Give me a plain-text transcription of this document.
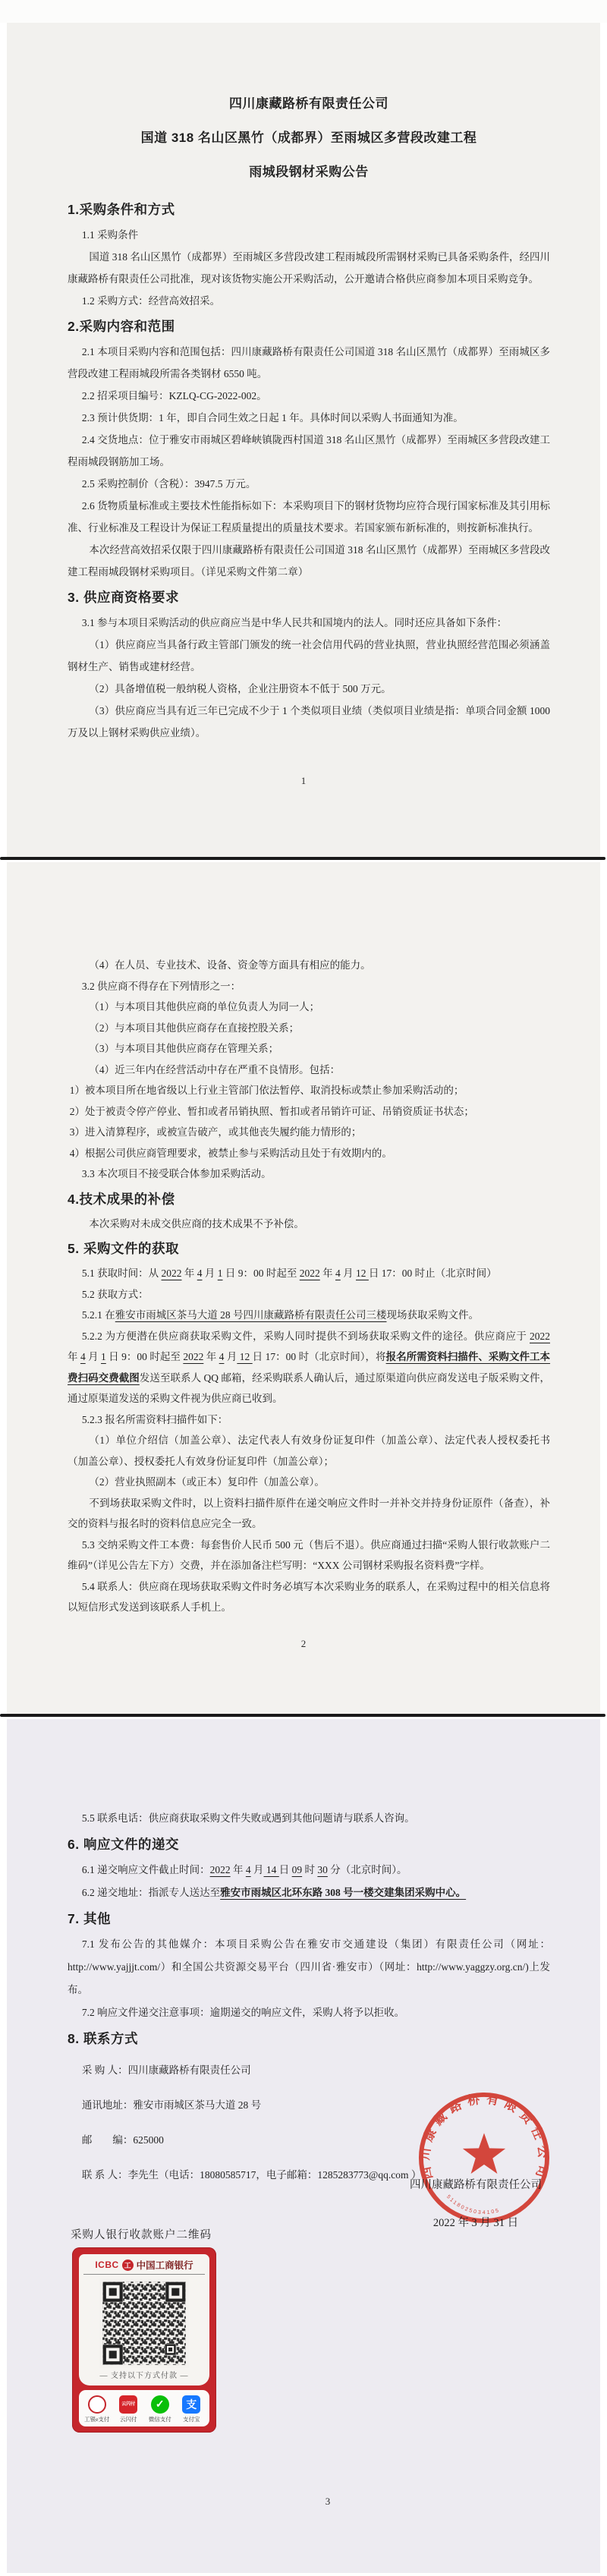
四川康藏路桥有限责任公司
国道 318 名山区黑竹（成都界）至雨城区多营段改建工程
雨城段钢材采购公告
1.采购条件和方式

1.1 采购条件

国道 318 名山区黑竹（成都界）至雨城区多营段改建工程雨城段所需钢材采购已具备采购条件，经四川康藏路桥有限责任公司批准，现对该货物实施公开采购活动，公开邀请合格供应商参加本项目采购竞争。

1.2 采购方式：经营高效招采。

2.采购内容和范围

2.1 本项目采购内容和范围包括：四川康藏路桥有限责任公司国道 318 名山区黑竹（成都界）至雨城区多营段改建工程雨城段所需各类钢材 6550 吨。

2.2 招采项目编号：KZLQ-CG-2022-002。

2.3 预计供货期：1 年，即自合同生效之日起 1 年。具体时间以采购人书面通知为准。

2.4 交货地点：位于雅安市雨城区碧峰峡镇陇西村国道 318 名山区黑竹（成都界）至雨城区多营段改建工程雨城段钢筋加工场。

2.5 采购控制价（含税）：3947.5 万元。

2.6 货物质量标准或主要技术性能指标如下：本采购项目下的钢材货物均应符合现行国家标准及其引用标准、行业标准及工程设计为保证工程质量提出的质量技术要求。若国家颁布新标准的，则按新标准执行。

本次经营高效招采仅限于四川康藏路桥有限责任公司国道 318 名山区黑竹（成都界）至雨城区多营段改建工程雨城段钢材采购项目。（详见采购文件第二章）

3. 供应商资格要求

3.1 参与本项目采购活动的供应商应当是中华人民共和国境内的法人。同时还应具备如下条件：

（1）供应商应当具备行政主管部门颁发的统一社会信用代码的营业执照，营业执照经营范围必须涵盖钢材生产、销售或建材经营。

（2）具备增值税一般纳税人资格，企业注册资本不低于 500 万元。

（3）供应商应当具有近三年已完成不少于 1 个类似项目业绩（类似项目业绩是指：单项合同金额 1000 万及以上钢材采购供应业绩）。

1

（4）在人员、专业技术、设备、资金等方面具有相应的能力。

3.2 供应商不得存在下列情形之一：

（1）与本项目其他供应商的单位负责人为同一人；

（2）与本项目其他供应商存在直接控股关系；

（3）与本项目其他供应商存在管理关系；

（4）近三年内在经营活动中存在严重不良情形。包括：

1）被本项目所在地省级以上行业主管部门依法暂停、取消投标或禁止参加采购活动的；

2）处于被责令停产停业、暂扣或者吊销执照、暂扣或者吊销许可证、吊销资质证书状态；

3）进入清算程序，或被宣告破产，或其他丧失履约能力情形的；

4）根据公司供应商管理要求，被禁止参与采购活动且处于有效期内的。

3.3 本次项目不接受联合体参加采购活动。

4.技术成果的补偿

本次采购对未成交供应商的技术成果不予补偿。

5. 采购文件的获取

5.1 获取时间：从 2022 年 4 月 1 日 9：00 时起至 2022 年 4 月 12 日 17：00 时止（北京时间）

5.2 获取方式：

5.2.1 在雅安市雨城区茶马大道 28 号四川康藏路桥有限责任公司三楼现场获取采购文件。

5.2.2 为方便潜在供应商获取采购文件，采购人同时提供不到场获取采购文件的途径。供应商应于 2022 年 4 月 1 日 9：00 时起至 2022 年 4 月 12 日 17：00 时（北京时间），将报名所需资料扫描件、采购文件工本费扫码交费截图发送至联系人 QQ 邮箱，经采购联系人确认后，通过原渠道向供应商发送电子版采购文件，通过原渠道发送的采购文件视为供应商已收到。

5.2.3 报名所需资料扫描件如下：

（1）单位介绍信（加盖公章）、法定代表人有效身份证复印件（加盖公章）、法定代表人授权委托书（加盖公章）、授权委托人有效身份证复印件（加盖公章）；

（2）营业执照副本（或正本）复印件（加盖公章）。

不到场获取采购文件时，以上资料扫描件原件在递交响应文件时一并补交并持身份证原件（备查），补交的资料与报名时的资料信息应完全一致。

5.3 交纳采购文件工本费：每套售价人民币 500 元（售后不退）。供应商通过扫描“采购人银行收款账户二维码”（详见公告左下方）交费，并在添加备注栏写明：“XXX 公司钢材采购报名资料费”字样。

5.4 联系人：供应商在现场获取采购文件时务必填写本次采购业务的联系人，在采购过程中的相关信息将以短信形式发送到该联系人手机上。

2

5.5 联系电话：供应商获取采购文件失败或遇到其他问题请与联系人咨询。

6. 响应文件的递交

6.1 递交响应文件截止时间：2022 年 4 月 14 日 09 时 30 分（北京时间）。

6.2 递交地址：指派专人送达至雅安市雨城区北环东路 308 号一楼交建集团采购中心。

7. 其他

7.1 发布公告的其他媒介：本项目采购公告在雅安市交通建设（集团）有限责任公司（网址：http://www.yajjjt.com/）和全国公共资源交易平台（四川省·雅安市）（网址：http://www.yaggzy.org.cn/)上发布。

7.2 响应文件递交注意事项：逾期递交的响应文件，采购人将予以拒收。

8. 联系方式

采 购 人：四川康藏路桥有限责任公司

通讯地址：雅安市雨城区茶马大道 28 号

邮　　编：625000

联 系 人：李先生（电话：18080585717，电子邮箱：1285283773@qq.com ）

四川康藏路桥有限责任公司
5118025034105

四川康藏路桥有限责任公司

2022 年 3 月 31 日

采购人银行收款账户二维码
ICBC 工 中国工商银行
— 支持以下方式付款 —
e付
工银e支付
云闪付
云闪付
✓
微信支付
支
支付宝
3
